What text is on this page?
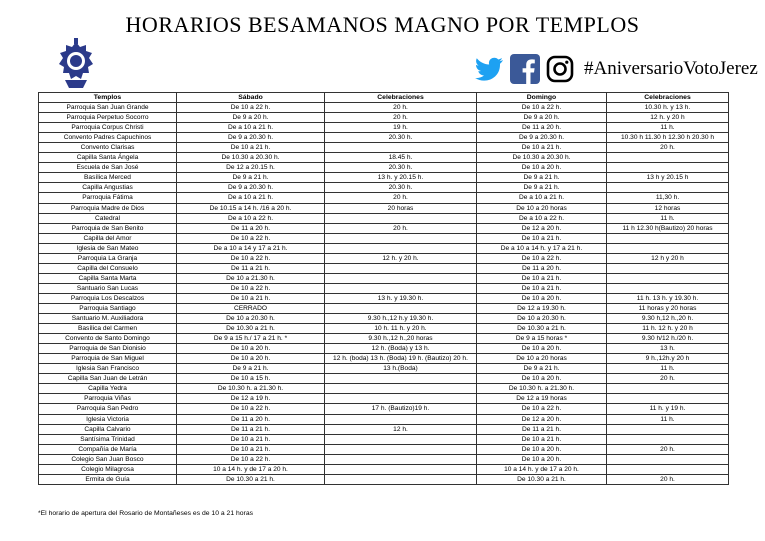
HORARIOS BESAMANOS MAGNO POR TEMPLOS
#AniversarioVotoJerez
Templos	Sábado	Celebraciones	Domingo	Celebraciones
Parroquia San Juan Grande	De 10 a 22 h.	20 h.	De 10 a 22 h.	10.30 h. y 13 h.
Parroquia Perpetuo Socorro	De 9 a 20 h.	20 h.	De 9 a 20 h.	12 h. y 20 h
Parroquia Corpus Christi	De a 10 a 21 h.	19 h.	De 11 a 20 h.	11 h.
Convento Padres Capuchinos	De 9 a 20.30 h.	20.30 h.	De 9 a 20.30 h.	10.30 h 11.30 h 12.30 h 20.30 h
Convento Clarisas	De 10 a 21 h.		De 10 a 21 h.	20 h.
Capilla Santa Ángela	De 10.30 a 20.30 h.	18.45 h.	De 10.30 a 20.30 h.	
Escuela de San José	De 12 a 20.15 h.	20.30 h.	De 10 a 20 h.	
Basílica Merced	De 9 a 21 h.	13 h. y 20.15 h.	De 9 a 21 h.	13 h y 20.15 h
Capilla Angustias	De 9 a 20.30 h.	20.30 h.	De 9 a 21 h.	
Parroquia Fátima	De a 10 a 21 h.	20 h.	De a 10 a 21 h.	11,30 h.
Parroquia Madre de Dios	De 10.15 a 14 h. /16 a 20 h.	20 horas	De 10 a 20 horas	12 horas
Catedral	De a 10 a 22 h.		De a 10 a 22 h.	11 h.
Parroquia de San Benito	De 11 a 20 h.	20 h.	De 12 a 20 h.	11 h 12.30 h(Bautizo) 20 horas
Capilla del Amor	De 10 a 22 h.		De 10 a 21 h.	
Iglesia de San Mateo	De a 10 a 14 y 17 a 21 h.		De a 10 a 14 h. y 17 a 21 h.	
Parroquia La Granja	De 10 a 22 h.	12 h. y 20 h.	De 10 a 22 h.	12 h y 20 h
Capilla del Consuelo	De 11 a 21 h.		De 11 a 20 h.	
Capilla Santa Marta	De 10 a 21.30 h.		De 10 a 21 h.	
Santuario San Lucas	De 10 a 22 h.		De 10 a 21 h.	
Parroquia Los Descalzos	De 10 a 21 h.	13 h. y 19.30 h.	De 10 a 20 h.	11 h. 13 h. y 19.30 h.
Parroquia Santiago	CERRADO		De 12 a 19.30 h.	11 horas y 20 horas
Santuario M. Auxiliadora	De 10 a 20.30 h.	9.30 h.,12 h.y 19.30 h.	De 10 a 20.30 h.	9.30 h,12 h.,20 h.
Basílica del Carmen	De 10.30 a 21 h.	10 h. 11 h. y 20 h.	De 10.30 a 21 h.	11 h. 12 h. y 20 h
Convento de Santo Domingo	De 9 a 15 h./ 17 a 21 h. *	9.30 h.,12 h.,20 horas	De 9 a 15 horas *	9.30 h/12 h./20 h.
Parroquia de San Dionisio	De 10 a 20 h.	12 h. (Boda) y 13 h.	De 10 a 20 h.	13 h.
Parroquia de San Miguel	De 10 a 20 h.	12 h. (boda) 13 h. (Boda) 19 h. (Bautizo) 20 h.	De 10 a 20 horas	9 h.,12h.y 20 h
Iglesia San Francisco	De 9 a 21 h.	13 h.(Boda)	De 9 a 21 h.	11 h.
Capilla San Juan de Letrán	De 10 a 15 h.		De 10 a 20 h.	20 h.
Capilla Yedra	De 10.30 h. a 21.30 h.		De 10.30 h. a 21.30 h.	
Parroquia Viñas	De 12 a 19 h.		De 12 a 19 horas	
Parroquia San Pedro	De 10 a 22 h.	17 h. (Bautizo)19 h.	De 10 a 22 h.	11 h. y 19 h.
Iglesia Victoria	De 11 a 20 h.		De 12 a 20 h.	11 h.
Capilla Calvario	De 11 a 21 h.	12 h.	De 11 a 21 h.	
Santísima Trinidad	De 10 a 21 h.		De 10 a 21 h.	
Compañía de María	De 10 a 21 h.		De 10 a 20 h.	20 h.
Colegio San Juan Bosco	De 10 a 22 h.		De 10 a 20 h.	
Colegio Milagrosa	10 a 14 h. y de 17 a 20 h.		10 a 14 h. y de 17 a 20 h.	
Ermita de Guía	De 10.30 a 21 h.		De 10.30 a 21 h.	20 h.
*El horario de apertura del Rosario de Montañeses es de 10 a 21 horas
